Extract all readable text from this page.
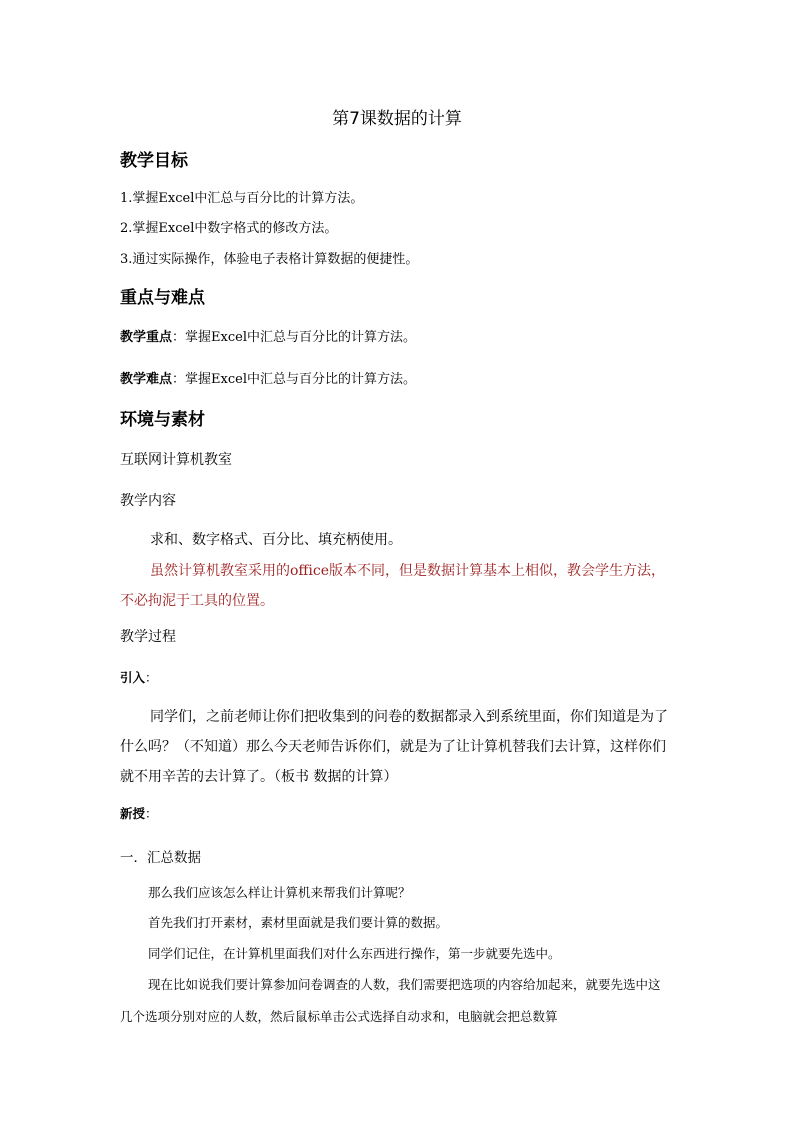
第7课数据的计算
教学目标
1.掌握Excel中汇总与百分比的计算方法。
2.掌握Excel中数字格式的修改方法。
3.通过实际操作，体验电子表格计算数据的便捷性。
重点与难点
教学重点：掌握Excel中汇总与百分比的计算方法。
教学难点：掌握Excel中汇总与百分比的计算方法。
环境与素材
互联网计算机教室
教学内容
求和、数字格式、百分比、填充柄使用。
虽然计算机教室采用的office版本不同，但是数据计算基本上相似，教会学生方法，不必拘泥于工具的位置。
教学过程
引入：
同学们，之前老师让你们把收集到的问卷的数据都录入到系统里面，你们知道是为了什么吗？（不知道）那么今天老师告诉你们，就是为了让计算机替我们去计算，这样你们就不用辛苦的去计算了。（板书 数据的计算）
新授：
一．汇总数据
那么我们应该怎么样让计算机来帮我们计算呢？
首先我们打开素材，素材里面就是我们要计算的数据。
同学们记住，在计算机里面我们对什么东西进行操作，第一步就要先选中。
现在比如说我们要计算参加问卷调查的人数，我们需要把选项的内容给加起来，就要先选中这几个选项分别对应的人数，然后鼠标单击公式选择自动求和，电脑就会把总数算
